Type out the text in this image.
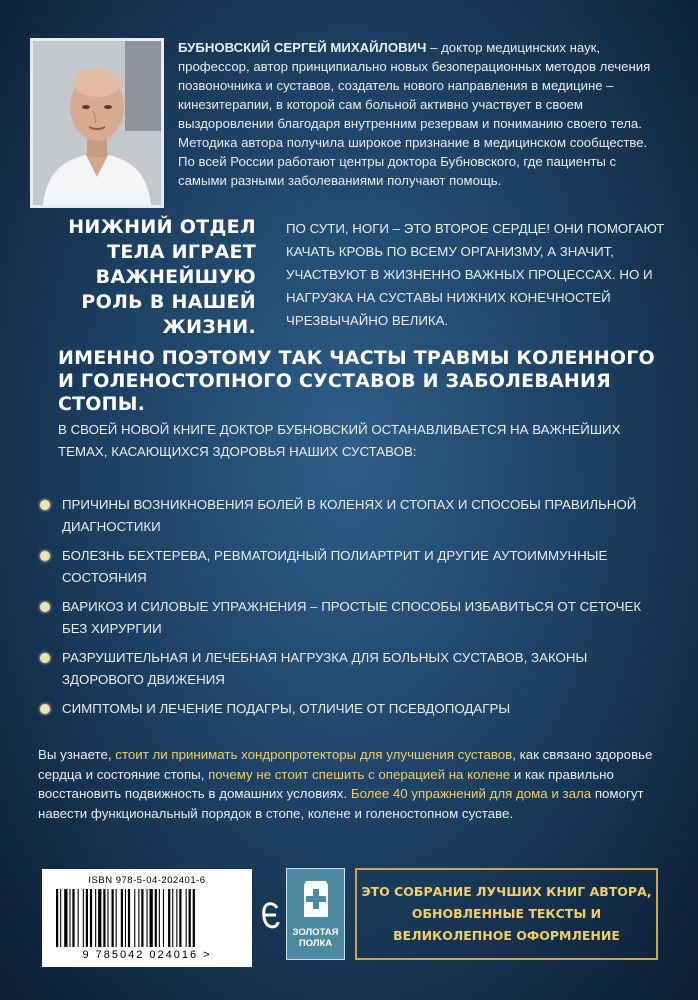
БУБНОВСКИЙ СЕРГЕЙ МИХАЙЛОВИЧ – доктор медицинских наук, профессор, автор принципиально новых безоперационных методов лечения позвоночника и суставов, создатель нового направления в медицине – кинезитерапии, в которой сам больной активно участвует в своем выздоровлении благодаря внутренним резервам и пониманию своего тела. Методика автора получила широкое признание в медицинском сообществе. По всей России работают центры доктора Бубновского, где пациенты с самыми разными заболеваниями получают помощь.
НИЖНИЙ ОТДЕЛ ТЕЛА ИГРАЕТ ВАЖНЕЙШУЮ РОЛЬ В НАШЕЙ ЖИЗНИ.
ПО СУТИ, НОГИ – ЭТО ВТОРОЕ СЕРДЦЕ! ОНИ ПОМОГАЮТ КАЧАТЬ КРОВЬ ПО ВСЕМУ ОРГАНИЗМУ, А ЗНАЧИТ, УЧАСТВУЮТ В ЖИЗНЕННО ВАЖНЫХ ПРОЦЕССАХ. НО И НАГРУЗКА НА СУСТАВЫ НИЖНИХ КОНЕЧНОСТЕЙ ЧРЕЗВЫЧАЙНО ВЕЛИКА.
ИМЕННО ПОЭТОМУ ТАК ЧАСТЫ ТРАВМЫ КОЛЕННОГО И ГОЛЕНОСТОПНОГО СУСТАВОВ И ЗАБОЛЕВАНИЯ СТОПЫ.
В СВОЕЙ НОВОЙ КНИГЕ ДОКТОР БУБНОВСКИЙ ОСТАНАВЛИВАЕТСЯ НА ВАЖНЕЙШИХ ТЕМАХ, КАСАЮЩИХСЯ ЗДОРОВЬЯ НАШИХ СУСТАВОВ:
ПРИЧИНЫ ВОЗНИКНОВЕНИЯ БОЛЕЙ В КОЛЕНЯХ И СТОПАХ И СПОСОБЫ ПРАВИЛЬНОЙ ДИАГНОСТИКИ
БОЛЕЗНЬ БЕХТЕРЕВА, РЕВМАТОИДНЫЙ ПОЛИАРТРИТ И ДРУГИЕ АУТОИММУННЫЕ СОСТОЯНИЯ
ВАРИКОЗ И СИЛОВЫЕ УПРАЖНЕНИЯ – ПРОСТЫЕ СПОСОБЫ ИЗБАВИТЬСЯ ОТ СЕТОЧЕК БЕЗ ХИРУРГИИ
РАЗРУШИТЕЛЬНАЯ И ЛЕЧЕБНАЯ НАГРУЗКА ДЛЯ БОЛЬНЫХ СУСТАВОВ, ЗАКОНЫ ЗДОРОВОГО ДВИЖЕНИЯ
СИМПТОМЫ И ЛЕЧЕНИЕ ПОДАГРЫ, ОТЛИЧИЕ ОТ ПСЕВДОПОДАГРЫ
Вы узнаете, стоит ли принимать хондропротекторы для улучшения суставов, как связано здоровье сердца и состояние стопы, почему не стоит спешить с операцией на колене и как правильно восстановить подвижность в домашних условиях. Более 40 упражнений для дома и зала помогут навести функциональный порядок в стопе, колене и голеностопном суставе.
ISBN 978-5-04-202401-6
9 785042 024016 >
ЗОЛОТАЯ ПОЛКА
ЭТО СОБРАНИЕ ЛУЧШИХ КНИГ АВТОРА, ОБНОВЛЕННЫЕ ТЕКСТЫ И ВЕЛИКОЛЕПНОЕ ОФОРМЛЕНИЕ
